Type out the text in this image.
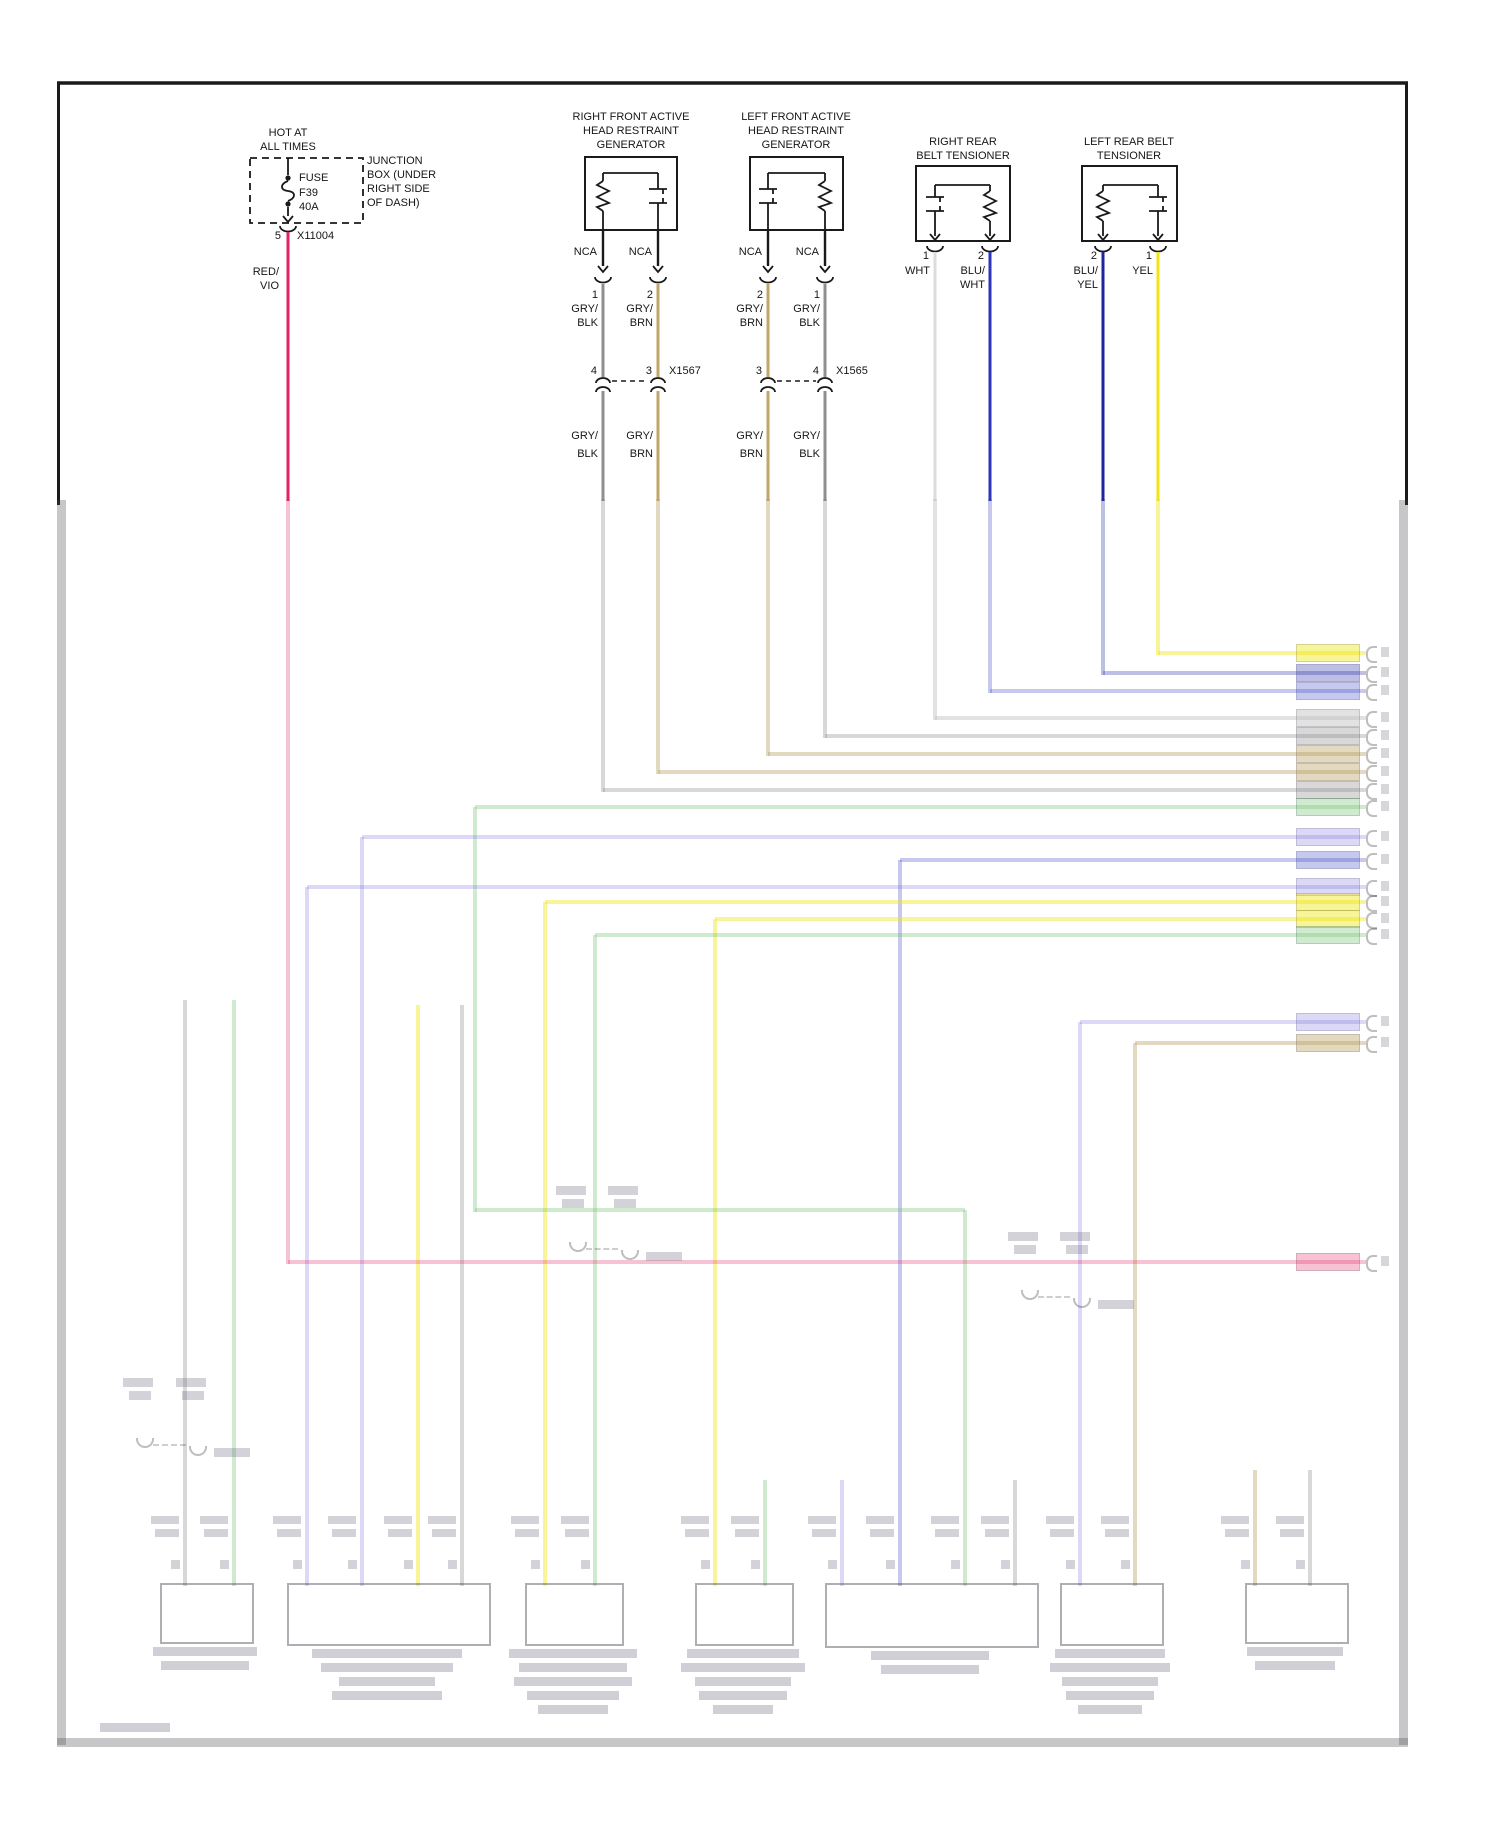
HOT AT
ALL TIMES
FUSE
F39
40A
JUNCTION
BOX (UNDER
RIGHT SIDE
OF DASH)
5 X11004
RED/
VIO
RIGHT FRONT ACTIVE
HEAD RESTRAINT
GENERATOR
NCA	NCA
1	2
GRY/
BLK
GRY/
BRN
4	3 X1567
GRY/
BLK
GRY/
BRN
LEFT FRONT ACTIVE
HEAD RESTRAINT
GENERATOR
NCA	NCA
2	1
GRY/
BRN
GRY/
BLK
3	4 X1565
GRY/
BRN
GRY/
BLK
RIGHT REAR
BELT TENSIONER
1	2
WHT	BLU/
WHT
LEFT REAR BELT
TENSIONER
2	1
BLU/
YEL
YEL
